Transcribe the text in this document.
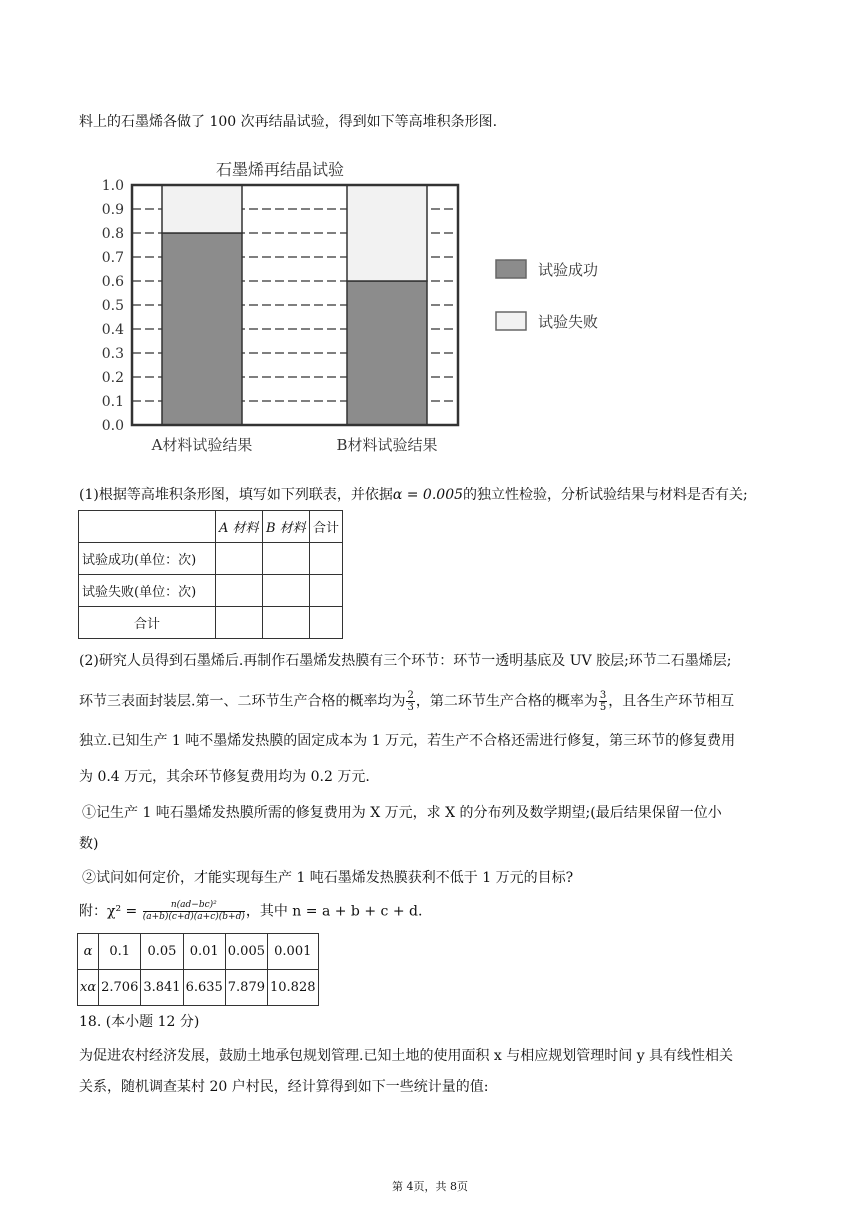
料上的石墨烯各做了 100 次再结晶试验，得到如下等高堆积条形图.
石墨烯再结晶试验
0.0
0.1
0.2
0.3
0.4
0.5
0.6
0.7
0.8
0.9
1.0
A材料试验结果	B材料试验结果
试验成功
试验失败
(1)根据等高堆积条形图，填写如下列联表，并依据α = 0.005的独立性检验，分析试验结果与材料是否有关;
	A 材料	B 材料	合计
试验成功(单位：次)			
试验失败(单位：次)			
合计			
(2)研究人员得到石墨烯后.再制作石墨烯发热膜有三个环节：环节一透明基底及 UV 胶层;环节二石墨烯层;
环节三表面封装层.第一、二环节生产合格的概率均为 $\frac{2}{3}$ ，第二环节生产合格的概率为 $\frac{3}{5}$ ，且各生产环节相互
独立.已知生产 1 吨不墨烯发热膜的固定成本为 1 万元，若生产不合格还需进行修复，第三环节的修复费用
为 0.4 万元，其余环节修复费用均为 0.2 万元.
①记生产 1 吨石墨烯发热膜所需的修复费用为 X 万元，求 X 的分布列及数学期望;(最后结果保留一位小
数)
②试问如何定价，才能实现每生产 1 吨石墨烯发热膜获利不低于 1 万元的目标?
附：$\chi^2 = \frac{\text{n(ad−bc)²}}{(a+b)(c+d)(a+c)(b+d)}$ ，其中 n = a + b + c + d.
α	0.1	0.05	0.01	0.005	0.001
xα	2.706	3.841	6.635	7.879	10.828
18. (本小题 12 分)
为促进农村经济发展，鼓励土地承包规划管理.已知土地的使用面积 x 与相应规划管理时间 y 具有线性相关
关系，随机调查某村 20 户村民，经计算得到如下一些统计量的值:
第 4页，共 8页
